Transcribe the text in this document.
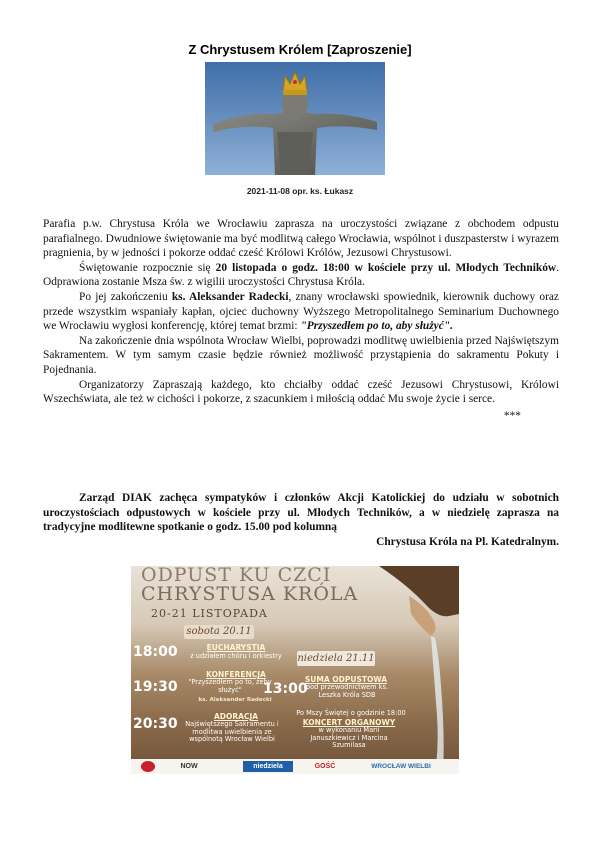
Z Chrystusem Królem [Zaproszenie]
2021-11-08 opr. ks. Łukasz

Parafia p.w. Chrystusa Króla we Wrocławiu zaprasza na uroczystości związane z obchodem odpustu parafialnego. Dwudniowe świętowanie ma być modlitwą całego Wrocławia, wspólnot i duszpasterstw i wyrazem pragnienia, by w jedności i pokorze oddać cześć Królowi Królów, Jezusowi Chrystusowi.

Świętowanie rozpocznie się 20 listopada o godz. 18:00 w kościele przy ul. Młodych Techników. Odprawiona zostanie Msza św. z wigilii uroczystości Chrystusa Króla.

Po jej zakończeniu ks. Aleksander Radecki, znany wrocławski spowiednik, kierownik duchowy oraz przede wszystkim wspaniały kapłan, ojciec duchowny Wyższego Metropolitalnego Seminarium Duchownego we Wrocławiu wygłosi konferencję, której temat brzmi: "Przyszedłem po to, aby służyć".

Na zakończenie dnia wspólnota Wrocław Wielbi, poprowadzi modlitwę uwielbienia przed Najświętszym Sakramentem. W tym samym czasie będzie również możliwość przystąpienia do sakramentu Pokuty i Pojednania.

Organizatorzy Zapraszają każdego, kto chciałby oddać cześć Jezusowi Chrystusowi, Królowi Wszechświata, ale też w cichości i pokorze, z szacunkiem i miłością oddać Mu swoje życie i serce.

***

Zarząd DIAK zachęca sympatyków i członków Akcji Katolickiej do udziału w sobotnich uroczystościach odpustowych w kościele przy ul. Młodych Techników, a w niedzielę zaprasza na tradycyjne modlitewne spotkanie o godz. 15.00 pod kolumną

Chrystusa Króla na Pl. Katedralnym.

ODPUST KU CZCI
CHRYSTUSA KRÓLA
20-21 LISTOPADA
sobota 20.11
niedziela 21.11
18:00	EUCHARYSTIA
z udziałem chóru i orkiestry
19:30
KONFERENCJA
"Przyszedłem po to, żeby służyć"
ks. Aleksander Radecki
20:30	ADORACJA
Najświętszego Sakramentu i modlitwa uwielbienia ze wspólnotą Wrocław Wielbi
13:00
SUMA ODPUSTOWA
pod przewodnictwem ks. Leszka Króla SDB
Po Mszy Świętej o godzinie 18:00
KONCERT ORGANOWY
w wykonaniu Marii Januszkiewicz i Marcina Szumilasa
NOW	niedziela	GOŚĆ	WROCŁAW WIELBI
